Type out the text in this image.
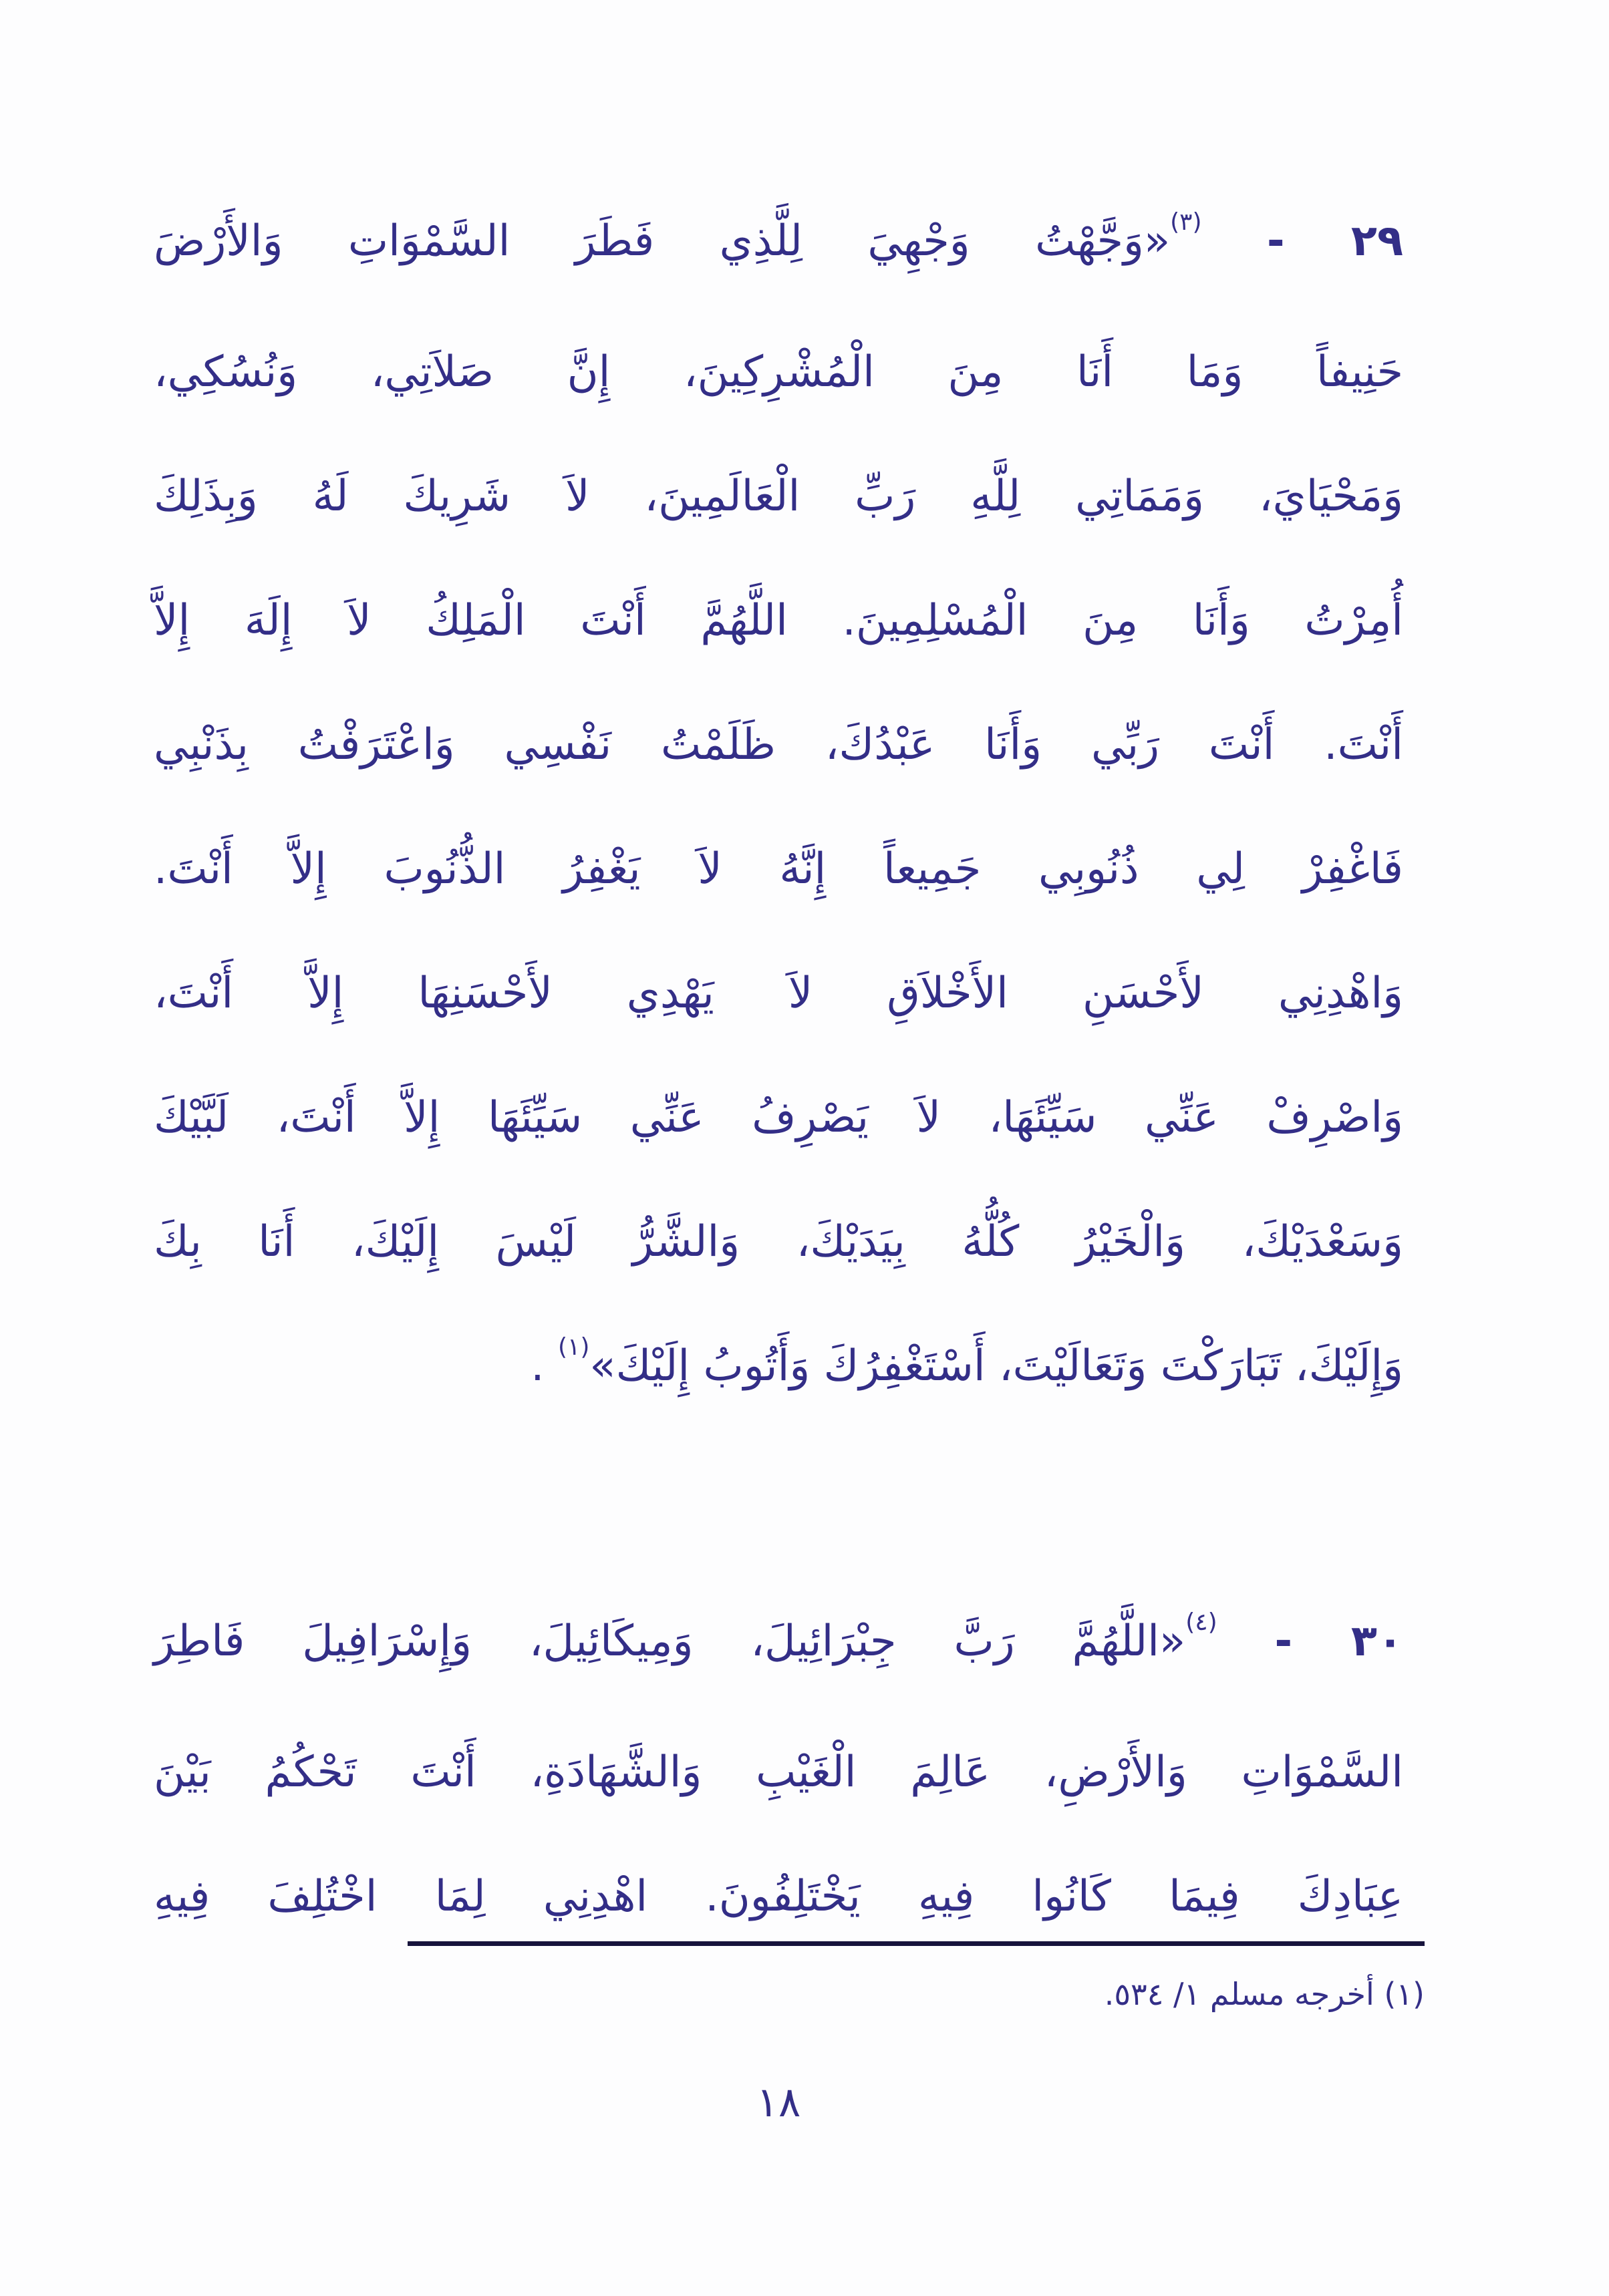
٢٩ - (٣)«وَجَّهْتُ وَجْهِيَ لِلَّذِي فَطَرَ السَّمْوَاتِ وَالأَرْضَ
حَنِيفاً وَمَا أَنَا مِنَ الْمُشْرِكِينَ، إِنَّ صَلاَتِي، وَنُسُكِي،
وَمَحْيَايَ، وَمَمَاتِي لِلَّهِ رَبِّ الْعَالَمِينَ، لاَ شَرِيكَ لَهُ وَبِذَلِكَ
أُمِرْتُ وَأَنَا مِنَ الْمُسْلِمِينَ. اللَّهُمَّ أَنْتَ الْمَلِكُ لاَ إِلَهَ إِلاَّ
أَنْتَ. أَنْتَ رَبِّي وَأَنَا عَبْدُكَ، ظَلَمْتُ نَفْسِي وَاعْتَرَفْتُ بِذَنْبِي
فَاغْفِرْ لِي ذُنُوبِي جَمِيعاً إِنَّهُ لاَ يَغْفِرُ الذُّنُوبَ إِلاَّ أَنْتَ.
وَاهْدِنِي لأَحْسَنِ الأَخْلاَقِ لاَ يَهْدِي لأَحْسَنِهَا إِلاَّ أَنْتَ،
وَاصْرِفْ عَنِّي سَيِّئَهَا، لاَ يَصْرِفُ عَنِّي سَيِّئَهَا إِلاَّ أَنْتَ، لَبَّيْكَ
وَسَعْدَيْكَ، وَالْخَيْرُ كُلُّهُ بِيَدَيْكَ، وَالشَّرُّ لَيْسَ إِلَيْكَ، أَنَا بِكَ
وَإِلَيْكَ، تَبَارَكْتَ وَتَعَالَيْتَ، أَسْتَغْفِرُكَ وَأَتُوبُ إِلَيْكَ»(١) .
٣٠ - (٤)«اللَّهُمَّ رَبَّ جِبْرَائِيلَ، وَمِيكَائِيلَ، وَإِسْرَافِيلَ فَاطِرَ
السَّمْوَاتِ وَالأَرْضِ، عَالِمَ الْغَيْبِ وَالشَّهَادَةِ، أَنْتَ تَحْكُمُ بَيْنَ
عِبَادِكَ فِيمَا كَانُوا فِيهِ يَخْتَلِفُونَ. اهْدِنِي لِمَا اخْتُلِفَ فِيهِ
(١) أخرجه مسلم ١/ ٥٣٤.
١٨
